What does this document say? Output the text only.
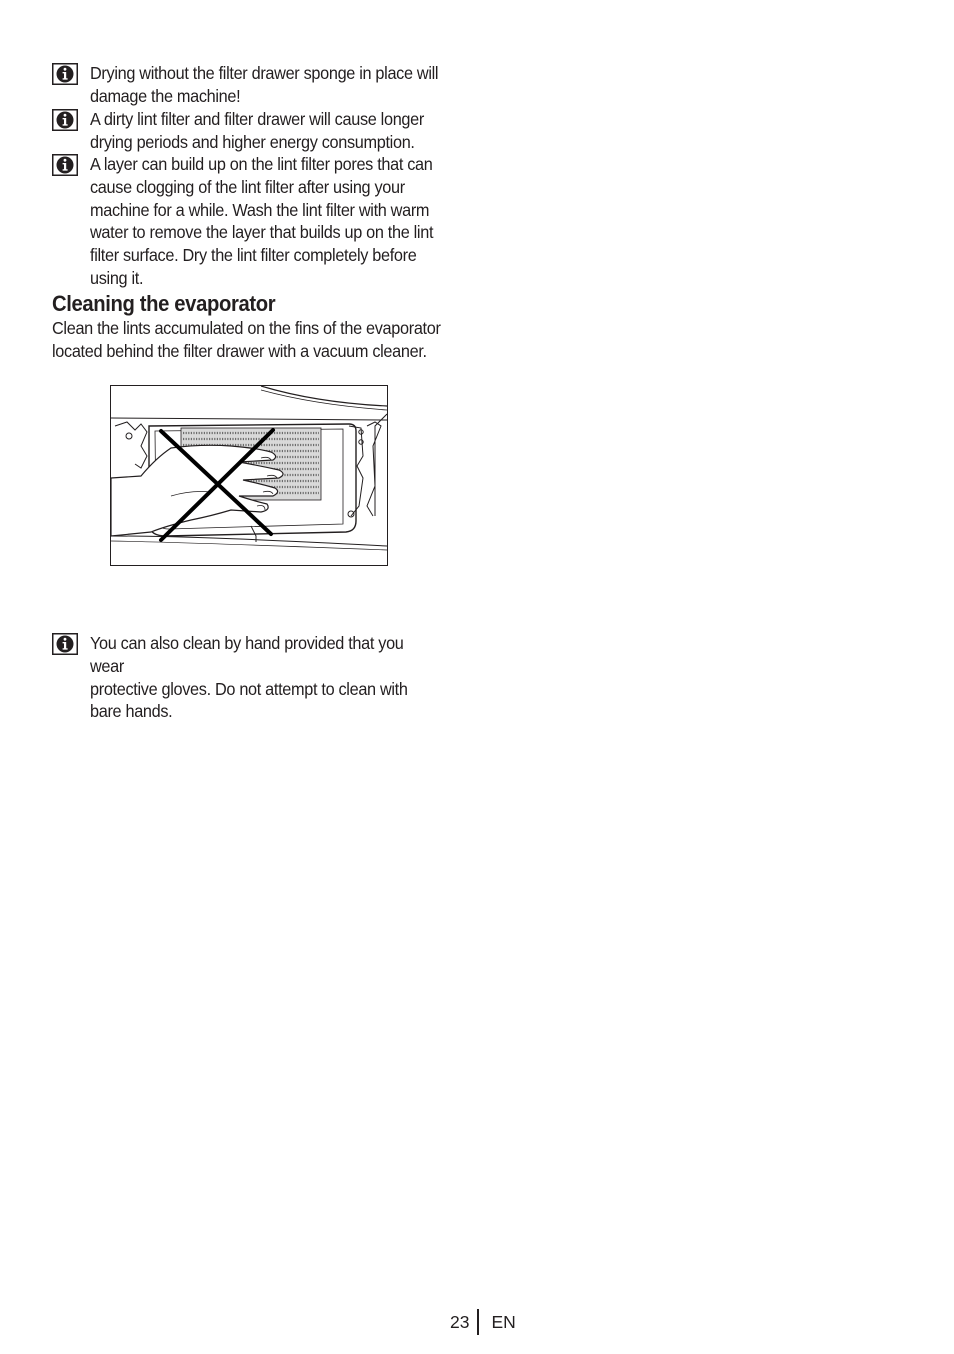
Drying without the filter drawer sponge in place will
damage the machine!
A dirty lint filter and filter drawer will cause longer
drying periods and higher energy consumption.
A layer can build up on the lint filter pores that can
cause clogging of the lint filter after using your
machine for a while. Wash the lint filter with warm
water to remove the layer that builds up on the lint
filter surface. Dry the lint filter completely before
using it.
Cleaning the evaporator
Clean the lints accumulated on the fins of the evaporator
located behind the filter drawer with a vacuum cleaner.
You can also clean by hand provided that you wear
protective gloves. Do not attempt to clean with
bare hands.
23 EN
